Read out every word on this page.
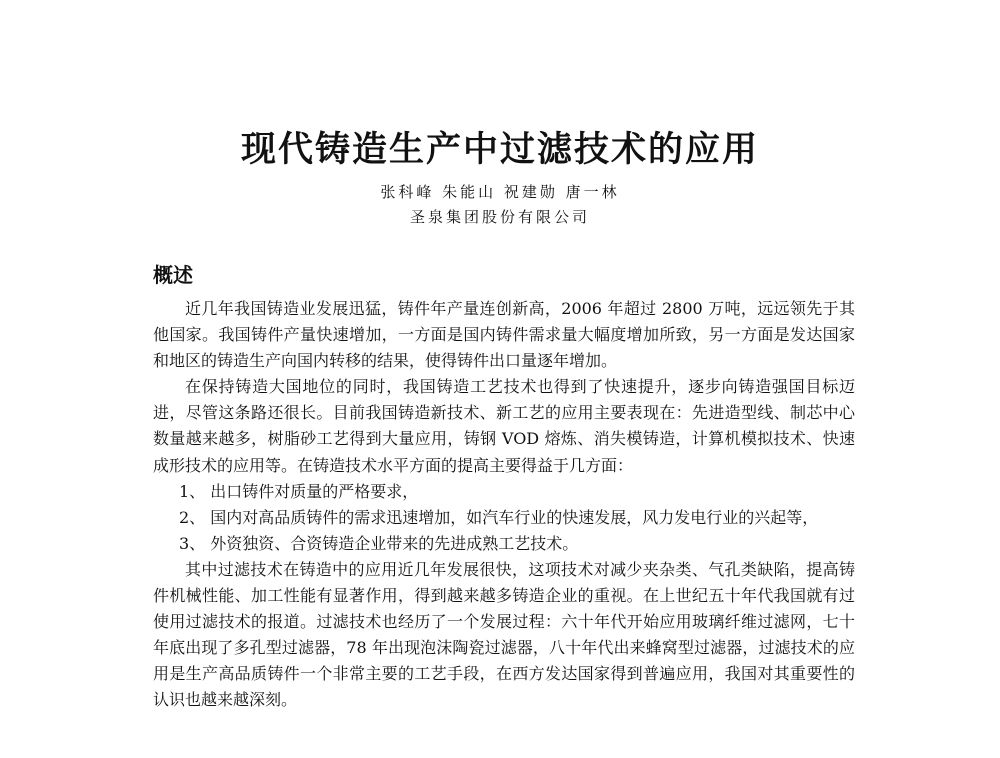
现代铸造生产中过滤技术的应用
张科峰 朱能山 祝建勋 唐一林
圣泉集团股份有限公司
概述

近几年我国铸造业发展迅猛，铸件年产量连创新高，2006 年超过 2800 万吨，远远领先于其他国家。我国铸件产量快速增加，一方面是国内铸件需求量大幅度增加所致，另一方面是发达国家和地区的铸造生产向国内转移的结果，使得铸件出口量逐年增加。

在保持铸造大国地位的同时，我国铸造工艺技术也得到了快速提升，逐步向铸造强国目标迈进，尽管这条路还很长。目前我国铸造新技术、新工艺的应用主要表现在：先进造型线、制芯中心数量越来越多，树脂砂工艺得到大量应用，铸钢 VOD 熔炼、消失模铸造，计算机模拟技术、快速成形技术的应用等。在铸造技术水平方面的提高主要得益于几方面：

1、 出口铸件对质量的严格要求，

2、 国内对高品质铸件的需求迅速增加，如汽车行业的快速发展，风力发电行业的兴起等，

3、 外资独资、合资铸造企业带来的先进成熟工艺技术。

其中过滤技术在铸造中的应用近几年发展很快，这项技术对减少夹杂类、气孔类缺陷，提高铸件机械性能、加工性能有显著作用，得到越来越多铸造企业的重视。在上世纪五十年代我国就有过使用过滤技术的报道。过滤技术也经历了一个发展过程：六十年代开始应用玻璃纤维过滤网，七十年底出现了多孔型过滤器，78 年出现泡沫陶瓷过滤器，八十年代出来蜂窝型过滤器，过滤技术的应用是生产高品质铸件一个非常主要的工艺手段，在西方发达国家得到普遍应用，我国对其重要性的认识也越来越深刻。
